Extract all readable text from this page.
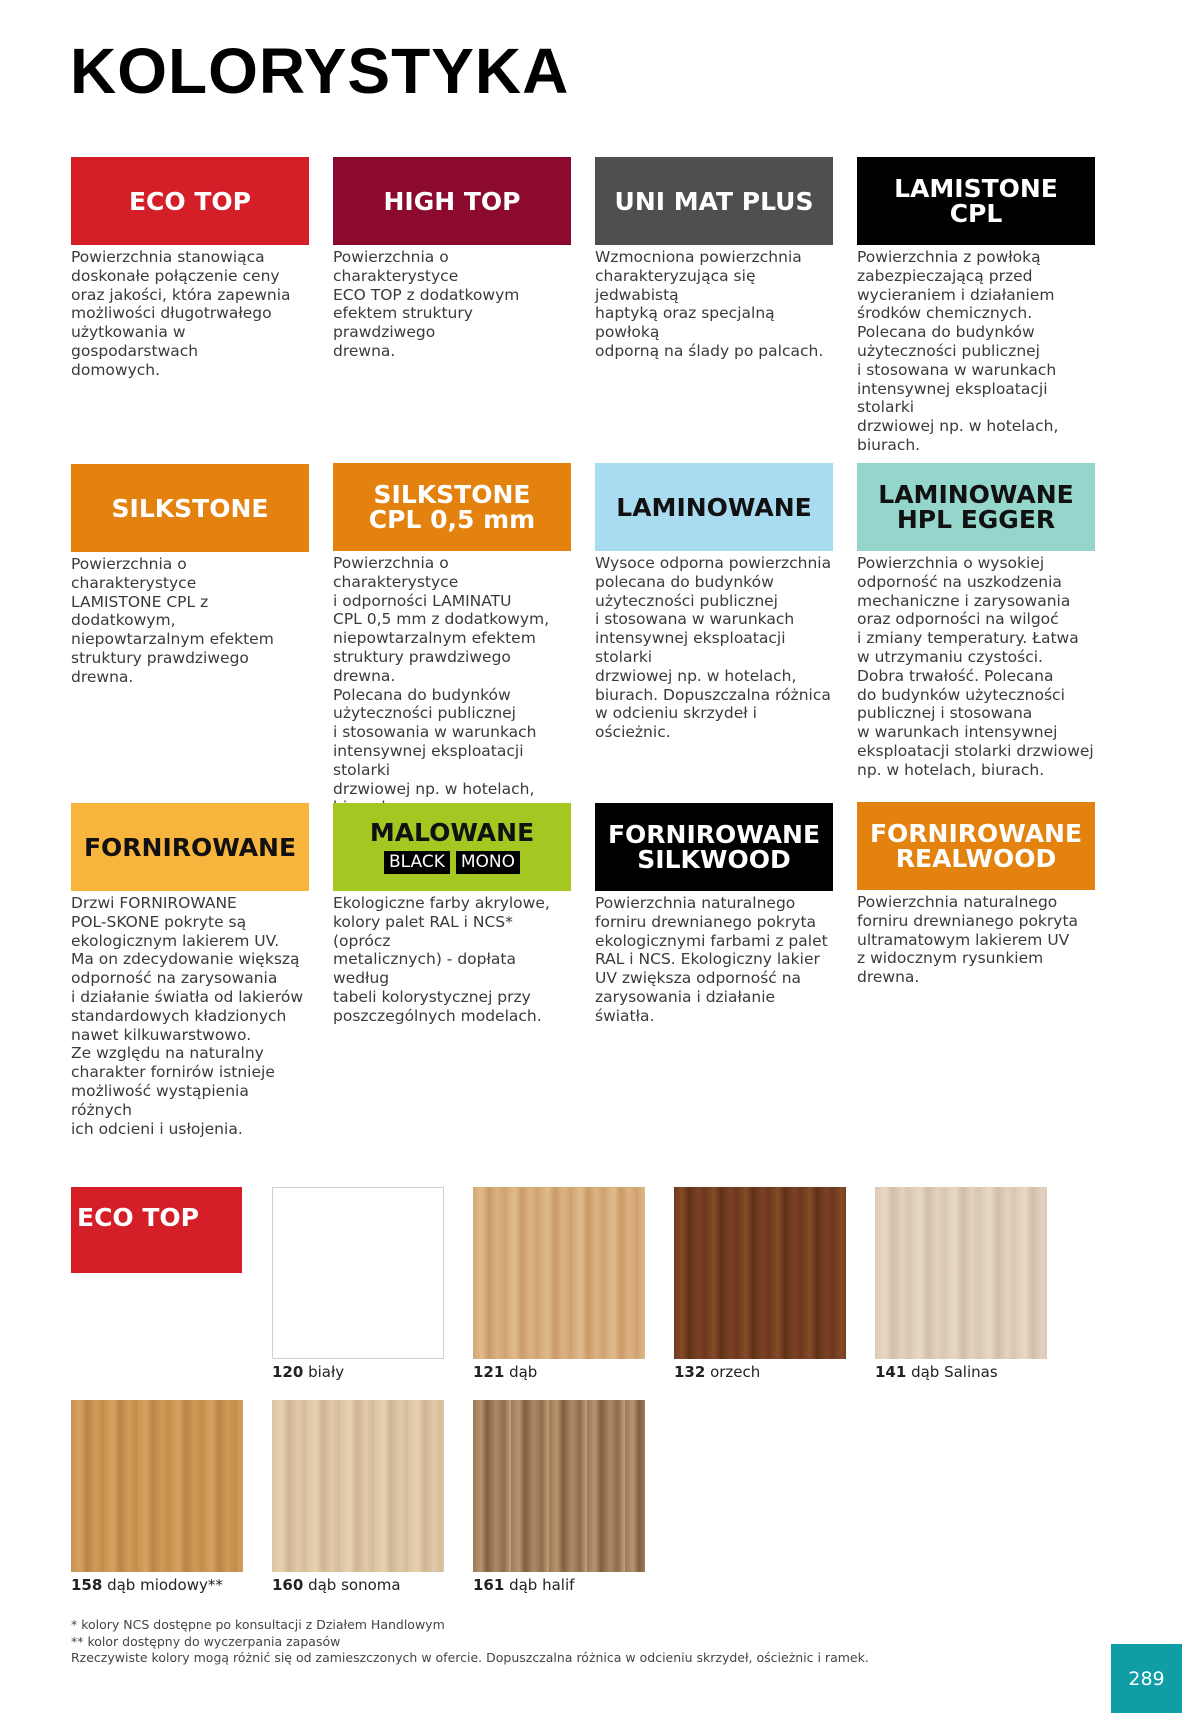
KOLORYSTYKA
ECO TOP
Powierzchnia stanowiąca
doskonałe połączenie ceny
oraz jakości, która zapewnia
możliwości długotrwałego
użytkowania w gospodarstwach
domowych.
HIGH TOP
Powierzchnia o charakterystyce
ECO TOP z dodatkowym
efektem struktury prawdziwego
drewna.
UNI MAT PLUS
Wzmocniona powierzchnia
charakteryzująca się jedwabistą
haptyką oraz specjalną powłoką
odporną na ślady po palcach.
LAMISTONE
CPL
Powierzchnia z powłoką
zabezpieczającą przed
wycieraniem i działaniem
środków chemicznych.
Polecana do budynków
użyteczności publicznej
i stosowana w warunkach
intensywnej eksploatacji stolarki
drzwiowej np. w hotelach,
biurach.
SILKSTONE
Powierzchnia o charakterystyce
LAMISTONE CPL z dodatkowym,
niepowtarzalnym efektem
struktury prawdziwego drewna.
SILKSTONE
CPL 0,5 mm
Powierzchnia o charakterystyce
i odporności LAMINATU
CPL 0,5 mm z dodatkowym,
niepowtarzalnym efektem
struktury prawdziwego drewna.
Polecana do budynków
użyteczności publicznej
i stosowania w warunkach
intensywnej eksploatacji stolarki
drzwiowej np. w hotelach,

LAMINOWANE
Wysoce odporna powierzchnia
polecana do budynków
użyteczności publicznej
i stosowana w warunkach
intensywnej eksploatacji stolarki
drzwiowej np. w hotelach,
biurach. Dopuszczalna różnica
w odcieniu skrzydeł i ościeżnic.
LAMINOWANE
HPL EGGER
Powierzchnia o wysokiej
odporność na uszkodzenia
mechaniczne i zarysowania
oraz odporności na wilgoć
i zmiany temperatury. Łatwa
w utrzymaniu czystości.
Dobra trwałość. Polecana
do budynków użyteczności
publicznej i stosowana
w warunkach intensywnej
eksploatacji stolarki drzwiowej
np. w hotelach, biurach.
FORNIROWANE
Drzwi FORNIROWANE
POL-SKONE pokryte są
ekologicznym lakierem UV.
Ma on zdecydowanie większą
odporność na zarysowania
i działanie światła od lakierów
standardowych kładzionych
nawet kilkuwarstwowo.
Ze względu na naturalny
charakter fornirów istnieje
możliwość wystąpienia różnych
ich odcieni i usłojenia.
MALOWANE
BLACK MONO
Ekologiczne farby akrylowe,
kolory palet RAL i NCS* (oprócz
metalicznych) - dopłata według
tabeli kolorystycznej przy
poszczególnych modelach.
FORNIROWANE
SILKWOOD
Powierzchnia naturalnego
forniru drewnianego pokryta
ekologicznymi farbami z palet
RAL i NCS. Ekologiczny lakier
UV zwiększa odporność na
zarysowania i działanie światła.
FORNIROWANE
REALWOOD
Powierzchnia naturalnego
forniru drewnianego pokryta
ultramatowym lakierem UV
z widocznym rysunkiem
drewna.
ECO TOP
120 biały	121 dąb	132 orzech	141 dąb Salinas
158 dąb miodowy**	160 dąb sonoma	161 dąb halif
* kolory NCS dostępne po konsultacji z Działem Handlowym
** kolor dostępny do wyczerpania zapasów
Rzeczywiste kolory mogą różnić się od zamieszczonych w ofercie. Dopuszczalna różnica w odcieniu skrzydeł, ościeżnic i ramek.
289
